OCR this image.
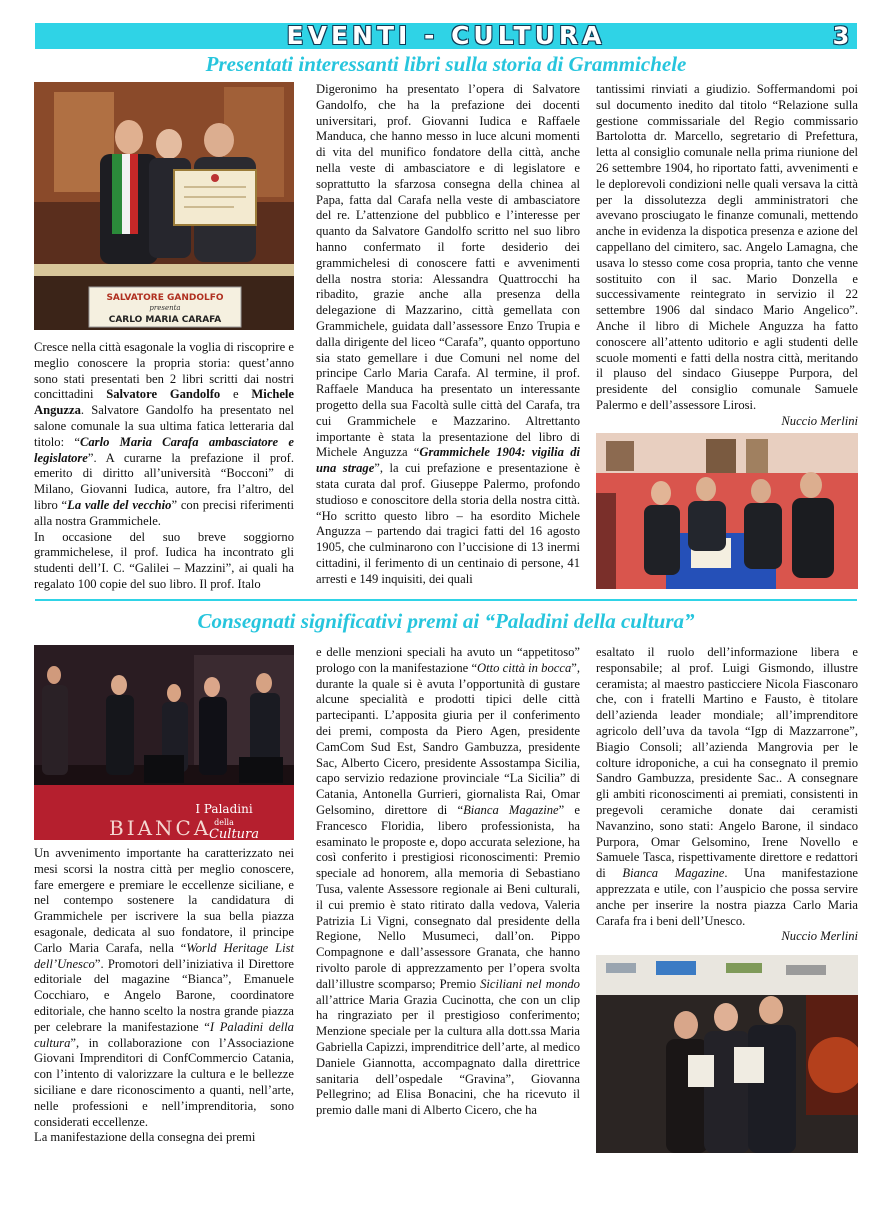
EVENTI - CULTURA	3
Presentati interessanti libri sulla storia di Grammichele
SALVATORE GANDOLFO
presenta
CARLO MARIA CARAFA

Cresce nella città esagonale la voglia di riscoprire e meglio conoscere la propria storia: quest’anno sono stati presentati ben 2 libri scritti dai nostri concittadini Salvatore Gandolfo e Michele Anguzza. Salvatore Gandolfo ha presentato nel salone comunale la sua ultima fatica letteraria dal titolo: “Carlo Maria Carafa ambasciatore e legislatore”. A curarne la prefazione il prof. emerito di diritto all’università “Bocconi” di Milano, Giovanni Iudica, autore, fra l’altro, del libro “La valle del vecchio” con precisi riferimenti alla nostra Grammichele.

In occasione del suo breve soggiorno grammichelese, il prof. Iudica ha incontrato gli studenti dell’I. C. “Galilei – Mazzini”, ai quali ha regalato 100 copie del suo libro. Il prof. Italo

Digeronimo ha presentato l’opera di Salvatore Gandolfo, che ha la prefazione dei docenti universitari, prof. Giovanni Iudica e Raffaele Manduca, che hanno messo in luce alcuni momenti di vita del munifico fondatore della città, anche nella veste di ambasciatore e di legislatore e soprattutto la sfarzosa consegna della chinea al Papa, fatta dal Carafa nella veste di ambasciatore del re. L’attenzione del pubblico e l’interesse per quanto da Salvatore Gandolfo scritto nel suo libro hanno confermato il forte desiderio dei grammichelesi di conoscere fatti e avvenimenti della nostra storia: Alessandra Quattrocchi ha ribadito, grazie anche alla presenza della delegazione di Mazzarino, città gemellata con Grammichele, guidata dall’assessore Enzo Trupia e dalla dirigente del liceo “Carafa”, quanto opportuno sia stato gemellare i due Comuni nel nome del principe Carlo Maria Carafa. Al termine, il prof. Raffaele Manduca ha presentato un interessante progetto della sua Facoltà sulle città del Carafa, tra cui Grammichele e Mazzarino. Altrettanto importante è stata la presentazione del libro di Michele Anguzza “Grammichele 1904: vigilia di una strage”, la cui prefazione e presentazione è stata curata dal prof. Giuseppe Palermo, profondo studioso e conoscitore della storia della nostra città. “Ho scritto questo libro – ha esordito Michele Anguzza – partendo dai tragici fatti del 16 agosto 1905, che culminarono con l’uccisione di 13 inermi cittadini, il ferimento di un centinaio di persone, 41 arresti e 149 inquisiti, dei quali

tantissimi rinviati a giudizio. Soffermandomi poi sul documento inedito dal titolo “Relazione sulla gestione commissariale del Regio commissario Bartolotta dr. Marcello, segretario di Prefettura, letta al consiglio comunale nella prima riunione del 26 settembre 1904, ho riportato fatti, avvenimenti e le deplorevoli condizioni nelle quali versava la città per la dissolutezza degli amministratori che avevano prosciugato le finanze comunali, mettendo anche in evidenza la dispotica presenza e azione del cappellano del cimitero, sac. Angelo Lamagna, che usava lo stesso come cosa propria, tanto che venne sostituito con il sac. Mario Donzella e successivamente reintegrato in servizio il 22 settembre 1906 dal sindaco Mario Angelico”. Anche il libro di Michele Anguzza ha fatto conoscere all’attento uditorio e agli studenti delle scuole momenti e fatti della nostra città, meritando il plauso del sindaco Giuseppe Purpora, del presidente del consiglio comunale Samuele Palermo e dell’assessore Lirosi.

Nuccio Merlini
Consegnati significativi premi ai “Paladini della cultura”
BIANCA
I Paladini
della
Cultura

Un avvenimento importante ha caratterizzato nei mesi scorsi la nostra città per meglio conoscere, fare emergere e premiare le eccellenze siciliane, e nel contempo sostenere la candidatura di Grammichele per iscrivere la sua bella piazza esagonale, dedicata al suo fondatore, il principe Carlo Maria Carafa, nella “World Heritage List dell’Unesco”. Promotori dell’iniziativa il Direttore editoriale del magazine “Bianca”, Emanuele Cocchiaro, e Angelo Barone, coordinatore editoriale, che hanno scelto la nostra grande piazza per celebrare la manifestazione “I Paladini della cultura”, in collaborazione con l’Associazione Giovani Imprenditori di ConfCommercio Catania, con l’intento di valorizzare la cultura e le bellezze siciliane e dare riconoscimento a quanti, nell’arte, nelle professioni e nell’imprenditoria, sono considerati eccellenze.

La manifestazione della consegna dei premi

e delle menzioni speciali ha avuto un “appetitoso” prologo con la manifestazione “Otto città in bocca”, durante la quale si è avuta l’opportunità di gustare alcune specialità e prodotti tipici delle città partecipanti. L’apposita giuria per il conferimento dei premi, composta da Piero Agen, presidente CamCom Sud Est, Sandro Gambuzza, presidente Sac, Alberto Cicero, presidente Assostampa Sicilia, capo servizio redazione provinciale “La Sicilia” di Catania, Antonella Gurrieri, giornalista Rai, Omar Gelsomino, direttore di “Bianca Magazine” e Francesco Floridia, libero professionista, ha esaminato le proposte e, dopo accurata selezione, ha così conferito i prestigiosi riconoscimenti: Premio speciale ad honorem, alla memoria di Sebastiano Tusa, valente Assessore regionale ai Beni culturali, il cui premio è stato ritirato dalla vedova, Valeria Patrizia Li Vigni, consegnato dal presidente della Regione, Nello Musumeci, dall’on. Pippo Compagnone e dall’assessore Granata, che hanno rivolto parole di apprezzamento per l’opera svolta dall’illustre scomparso; Premio Siciliani nel mondo all’attrice Maria Grazia Cucinotta, che con un clip ha ringraziato per il prestigioso conferimento; Menzione speciale per la cultura alla dott.ssa Maria Gabriella Capizzi, imprenditrice dell’arte, al medico Daniele Giannotta, accompagnato dalla direttrice sanitaria dell’ospedale “Gravina”, Giovanna Pellegrino; ad Elisa Bonacini, che ha ricevuto il premio dalle mani di Alberto Cicero, che ha

esaltato il ruolo dell’informazione libera e responsabile; al prof. Luigi Gismondo, illustre ceramista; al maestro pasticciere Nicola Fiasconaro che, con i fratelli Martino e Fausto, è titolare dell’azienda leader mondiale; all’imprenditore agricolo dell’uva da tavola “Igp di Mazzarrone”, Biagio Consoli; all’azienda Mangrovia per le colture idroponiche, a cui ha consegnato il premio Sandro Gambuzza, presidente Sac.. A consegnare gli ambiti riconoscimenti ai premiati, consistenti in pregevoli ceramiche donate dai ceramisti Navanzino, sono stati: Angelo Barone, il sindaco Purpora, Omar Gelsomino, Irene Novello e Samuele Tasca, rispettivamente direttore e redattori di Bianca Magazine. Una manifestazione apprezzata e utile, con l’auspicio che possa servire anche per inserire la nostra piazza Carlo Maria Carafa fra i beni dell’Unesco.

Nuccio Merlini
